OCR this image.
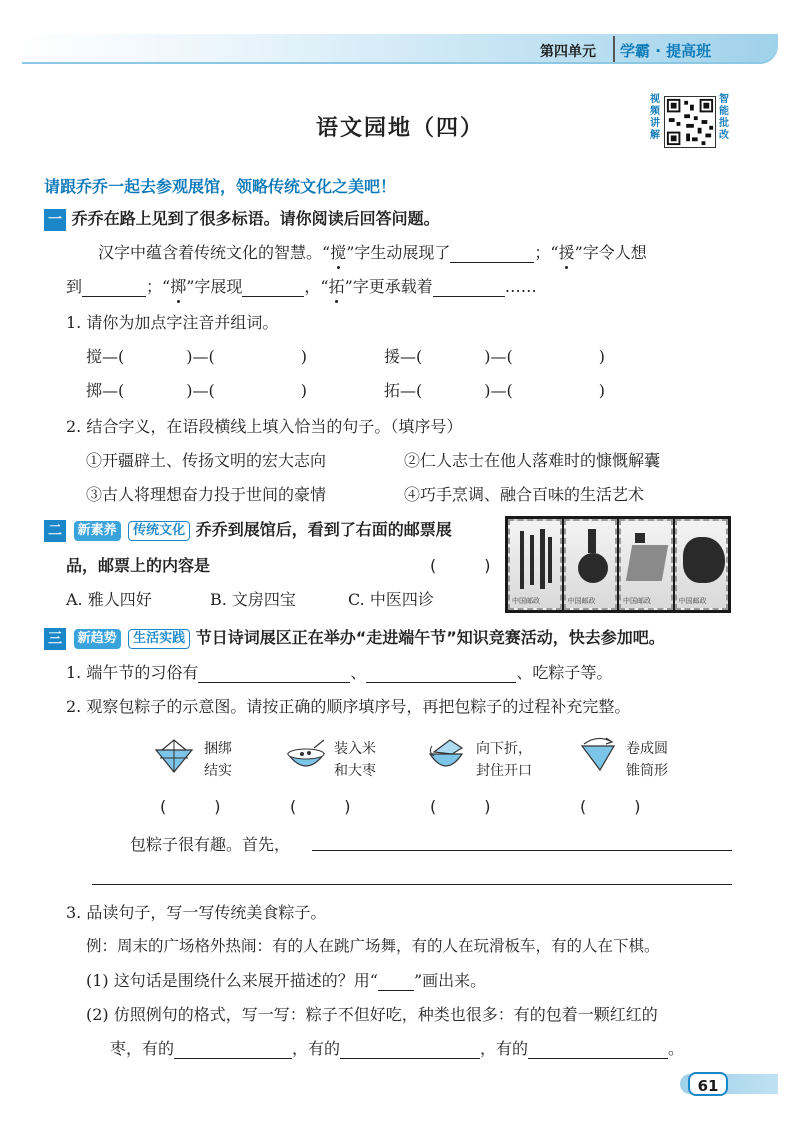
第四单元 学霸 · 提高班
语文园地（四）
视频讲解
智能批改
请跟乔乔一起去参观展馆，领略传统文化之美吧！
一 乔乔在路上见到了很多标语。请你阅读后回答问题。
汉字中蕴含着传统文化的智慧。“搅”字生动展现了	；“援”字令人想
到	；“掷”字展现	，“拓”字更承载着	……
1. 请你为加点字注音并组词。
搅—(	)—(	)	援—(	)—(	)
掷—(	)—(	)	拓—(	)—(	)
2. 结合字义，在语段横线上填入恰当的句子。（填序号）
①开疆辟土、传扬文明的宏大志向	②仁人志士在他人落难时的慷慨解囊
③古人将理想奋力投于世间的豪情	④巧手烹调、融合百味的生活艺术
二 新素养 传统文化 乔乔到展馆后，看到了右面的邮票展
品，邮票上的内容是	(　　　)
A. 雅人四好	B. 文房四宝	C. 中医四诊	中国邮政	中国邮政	中国邮政	中国邮政
三 新趋势 生活实践 节日诗词展区正在举办“走进端午节”知识竞赛活动，快去参加吧。
1. 端午节的习俗有	、	、吃粽子等。
2. 观察包粽子的示意图。请按正确的顺序填序号，再把包粽子的过程补充完整。
捆绑
结实
装入米
和大枣
向下折，
封住开口
卷成圆
锥筒形
(　　　)	(　　　)	(　　　)	(　　　)
包粽子很有趣。首先，
3. 品读句子，写一写传统美食粽子。
例：周末的广场格外热闹：有的人在跳广场舞，有的人在玩滑板车，有的人在下棋。
(1) 这句话是围绕什么来展开描述的？用“ ”画出来。
(2) 仿照例句的格式，写一写：粽子不但好吃，种类也很多：有的包着一颗红红的
枣，有的	，有的	，有的	。
61
